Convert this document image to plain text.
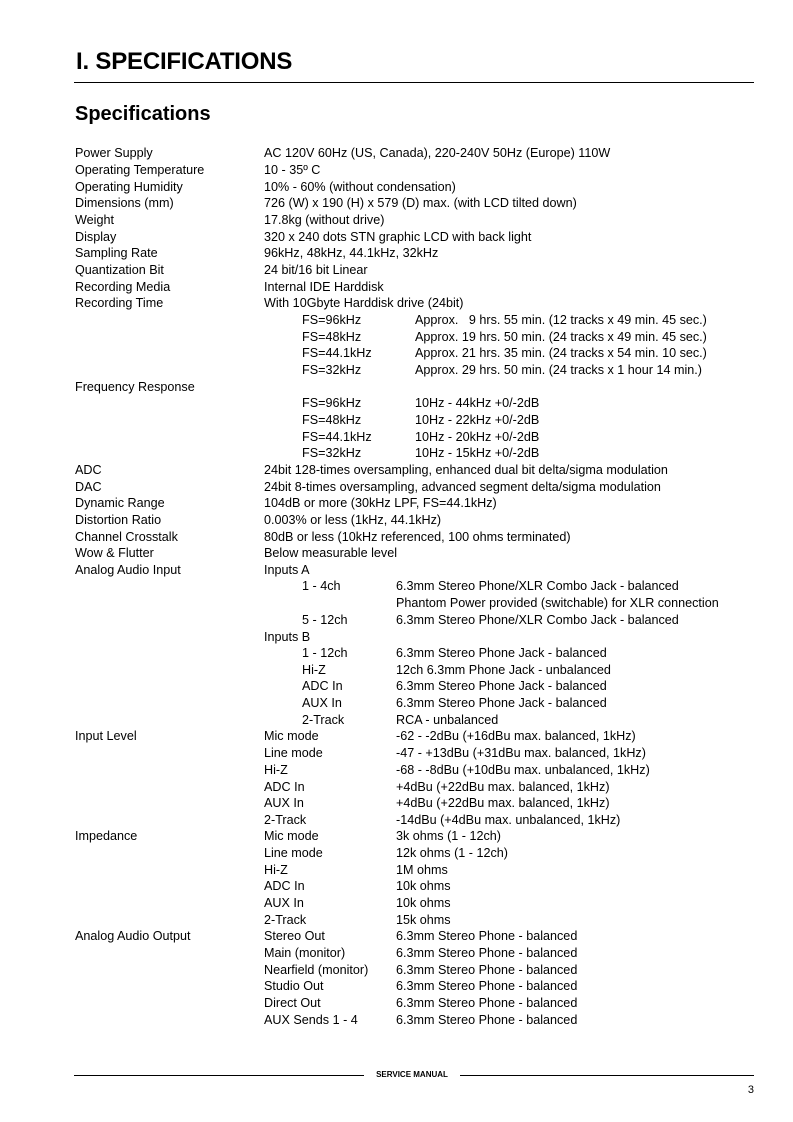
I. SPECIFICATIONS
Specifications
Power Supply	AC 120V 60Hz (US, Canada), 220-240V 50Hz (Europe) 110W
Operating Temperature	10 - 35º C
Operating Humidity	10% - 60% (without condensation)
Dimensions (mm)	726 (W) x 190 (H) x 579 (D) max. (with LCD tilted down)
Weight	17.8kg (without drive)
Display	320 x 240 dots STN graphic LCD with back light
Sampling Rate	96kHz, 48kHz, 44.1kHz, 32kHz
Quantization Bit	24 bit/16 bit Linear
Recording Media	Internal IDE Harddisk
Recording Time	With 10Gbyte Harddisk drive (24bit)
FS=96kHz	Approx.   9 hrs. 55 min. (12 tracks x 49 min. 45 sec.)
FS=48kHz	Approx. 19 hrs. 50 min. (24 tracks x 49 min. 45 sec.)
FS=44.1kHz	Approx. 21 hrs. 35 min. (24 tracks x 54 min. 10 sec.)
FS=32kHz	Approx. 29 hrs. 50 min. (24 tracks x 1 hour 14 min.)
Frequency Response
FS=96kHz	10Hz - 44kHz +0/-2dB
FS=48kHz	10Hz - 22kHz +0/-2dB
FS=44.1kHz	10Hz - 20kHz +0/-2dB
FS=32kHz	10Hz - 15kHz +0/-2dB
ADC	24bit 128-times oversampling, enhanced dual bit delta/sigma modulation
DAC	24bit 8-times oversampling, advanced segment delta/sigma modulation
Dynamic Range	104dB or more (30kHz LPF, FS=44.1kHz)
Distortion Ratio	0.003% or less (1kHz, 44.1kHz)
Channel Crosstalk	80dB or less (10kHz referenced, 100 ohms terminated)
Wow & Flutter	Below measurable level
Analog Audio Input	Inputs A
1 - 4ch	6.3mm Stereo Phone/XLR Combo Jack - balanced
Phantom Power provided (switchable) for XLR connection
5 - 12ch	6.3mm Stereo Phone/XLR Combo Jack - balanced
Inputs B
1 - 12ch	6.3mm Stereo Phone Jack - balanced
Hi-Z	12ch 6.3mm Phone Jack - unbalanced
ADC In	6.3mm Stereo Phone Jack - balanced
AUX In	6.3mm Stereo Phone Jack - balanced
2-Track	RCA - unbalanced
Input Level	Mic mode	-62 - -2dBu (+16dBu max. balanced, 1kHz)
Line mode	-47 - +13dBu (+31dBu max. balanced, 1kHz)
Hi-Z	-68 - -8dBu (+10dBu max. unbalanced, 1kHz)
ADC In	+4dBu (+22dBu max. balanced, 1kHz)
AUX In	+4dBu (+22dBu max. balanced, 1kHz)
2-Track	-14dBu (+4dBu max. unbalanced, 1kHz)
Impedance	Mic mode	3k ohms (1 - 12ch)
Line mode	12k ohms (1 - 12ch)
Hi-Z	1M ohms
ADC In	10k ohms
AUX In	10k ohms
2-Track	15k ohms
Analog Audio Output	Stereo Out	6.3mm Stereo Phone - balanced
Main (monitor)	6.3mm Stereo Phone - balanced
Nearfield (monitor) 6.3mm Stereo Phone - balanced
Studio Out	6.3mm Stereo Phone - balanced
Direct Out	6.3mm Stereo Phone - balanced
AUX Sends 1 - 4	6.3mm Stereo Phone - balanced
SERVICE MANUAL
3
